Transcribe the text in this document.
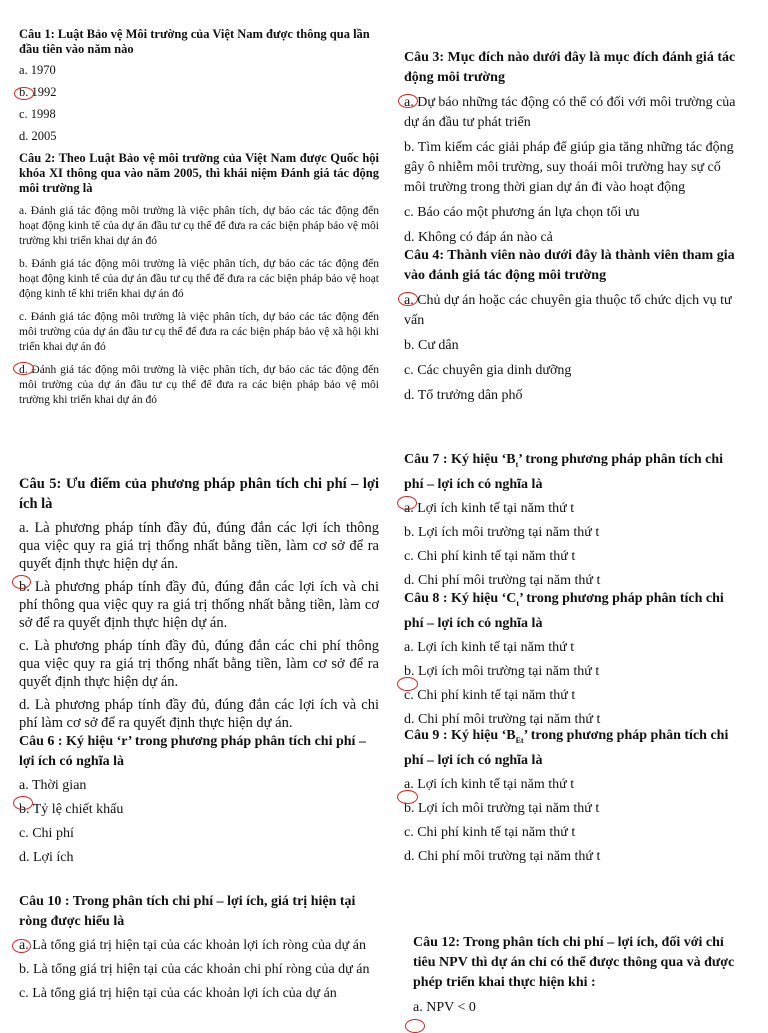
Câu 1: Luật Bảo vệ Môi trường của Việt Nam được thông qua lần đầu tiên vào năm nào

a. 1970

b. 1992

c. 1998

d. 2005

Câu 2: Theo Luật Bảo vệ môi trường của Việt Nam được Quốc hội khóa XI thông qua vào năm 2005, thì khái niệm Đánh giá tác động môi trường là

a. Đánh giá tác động môi trường là việc phân tích, dự báo các tác động đến hoạt động kinh tế của dự án đầu tư cụ thể để đưa ra các biện pháp bảo vệ môi trường khi triển khai dự án đó

b. Đánh giá tác động môi trường là việc phân tích, dự báo các tác động đến hoạt động kinh tế của dự án đầu tư cụ thể để đưa ra các biện pháp bảo vệ hoạt động kinh tế khi triển khai dự án đó

c. Đánh giá tác động môi trường là việc phân tích, dự báo các tác động đến môi trường của dự án đầu tư cụ thể để đưa ra các biện pháp bảo vệ xã hội khi triển khai dự án đó

d. Đánh giá tác động môi trường là việc phân tích, dự báo các tác động đến môi trường của dự án đầu tư cụ thể để đưa ra các biện pháp bảo vệ môi trường khi triển khai dự án đó

Câu 3: Mục đích nào dưới đây là mục đích đánh giá tác động môi trường

a. Dự báo những tác động có thể có đối với môi trường của dự án đầu tư phát triển

b. Tìm kiếm các giải pháp để giúp gia tăng những tác động gây ô nhiễm môi trường, suy thoái môi trường hay sự cố môi trường trong thời gian dự án đi vào hoạt động

c. Báo cáo một phương án lựa chọn tối ưu

d. Không có đáp án nào cả

Câu 4: Thành viên nào dưới đây là thành viên tham gia vào đánh giá tác động môi trường

a. Chủ dự án hoặc các chuyên gia thuộc tổ chức dịch vụ tư vấn

b. Cư dân

c. Các chuyên gia dinh dưỡng

d. Tổ trưởng dân phố

Câu 5: Ưu điểm của phương pháp phân tích chi phí – lợi ích là

a. Là phương pháp tính đầy đủ, đúng đắn các lợi ích thông qua việc quy ra giá trị thống nhất bằng tiền, làm cơ sở để ra quyết định thực hiện dự án.

b. Là phương pháp tính đầy đủ, đúng đắn các lợi ích và chi phí thông qua việc quy ra giá trị thống nhất bằng tiền, làm cơ sở để ra quyết định thực hiện dự án.

c. Là phương pháp tính đầy đủ, đúng đắn các chi phí thông qua việc quy ra giá trị thống nhất bằng tiền, làm cơ sở để ra quyết định thực hiện dự án.

d. Là phương pháp tính đầy đủ, đúng đắn các lợi ích và chi phí làm cơ sở để ra quyết định thực hiện dự án.

Câu 6 : Ký hiệu ‘r’ trong phương pháp phân tích chi phí – lợi ích có nghĩa là

a. Thời gian

b. Tỷ lệ chiết khấu

c. Chi phí

d. Lợi ích

Câu 7 : Ký hiệu ‘$B_t$’ trong phương pháp phân tích chi phí – lợi ích có nghĩa là

a. Lợi ích kinh tế tại năm thứ t

b. Lợi ích môi trường tại năm thứ t

c. Chi phí kinh tế tại năm thứ t

d. Chi phí môi trường tại năm thứ t

Câu 8 : Ký hiệu ‘$C_t$’ trong phương pháp phân tích chi phí – lợi ích có nghĩa là

a. Lợi ích kinh tế tại năm thứ t

b. Lợi ích môi trường tại năm thứ t

c. Chi phí kinh tế tại năm thứ t

d. Chi phí môi trường tại năm thứ t

Câu 9 : Ký hiệu ‘$B_{Et}$’ trong phương pháp phân tích chi phí – lợi ích có nghĩa là

a. Lợi ích kinh tế tại năm thứ t

b. Lợi ích môi trường tại năm thứ t

c. Chi phí kinh tế tại năm thứ t

d. Chi phí môi trường tại năm thứ t

Câu 10 : Trong phân tích chi phí – lợi ích, giá trị hiện tại ròng được hiểu là

a. Là tổng giá trị hiện tại của các khoản lợi ích ròng của dự án

b. Là tổng giá trị hiện tại của các khoản chi phí ròng của dự án

c. Là tổng giá trị hiện tại của các khoản lợi ích của dự án

Câu 12: Trong phân tích chi phí – lợi ích, đối với chỉ tiêu NPV thì dự án chỉ có thể được thông qua và được phép triển khai thực hiện khi :

a. NPV < 0
